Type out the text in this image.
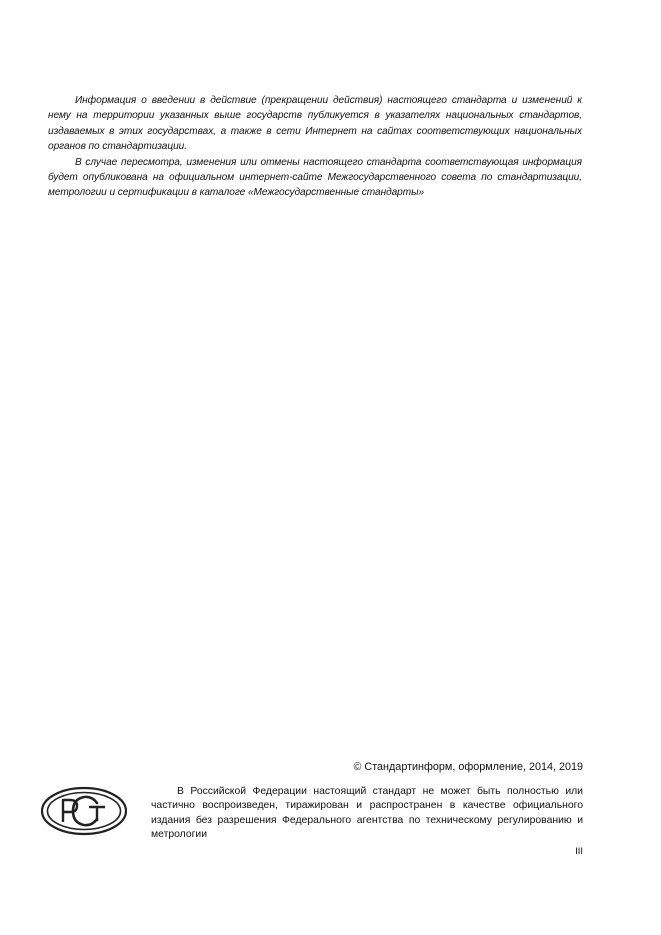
Информация о введении в действие (прекращении действия) настоящего стандарта и изменений к нему на территории указанных выше государств публикуется в указателях национальных стандартов, издаваемых в этих государствах, а также в сети Интернет на сайтах соответствующих национальных органов по стандартизации.

В случае пересмотра, изменения или отмены настоящего стандарта соответствующая информация будет опубликована на официальном интернет-сайте Межгосударственного совета по стандартизации, метрологии и сертификации в каталоге «Межгосударственные стандарты»

© Стандартинформ, оформление, 2014, 2019

В Российской Федерации настоящий стандарт не может быть полностью или частично воспроизведен, тиражирован и распространен в качестве официального издания без разрешения Федерального агентства по техническому регулированию и метрологии

III
